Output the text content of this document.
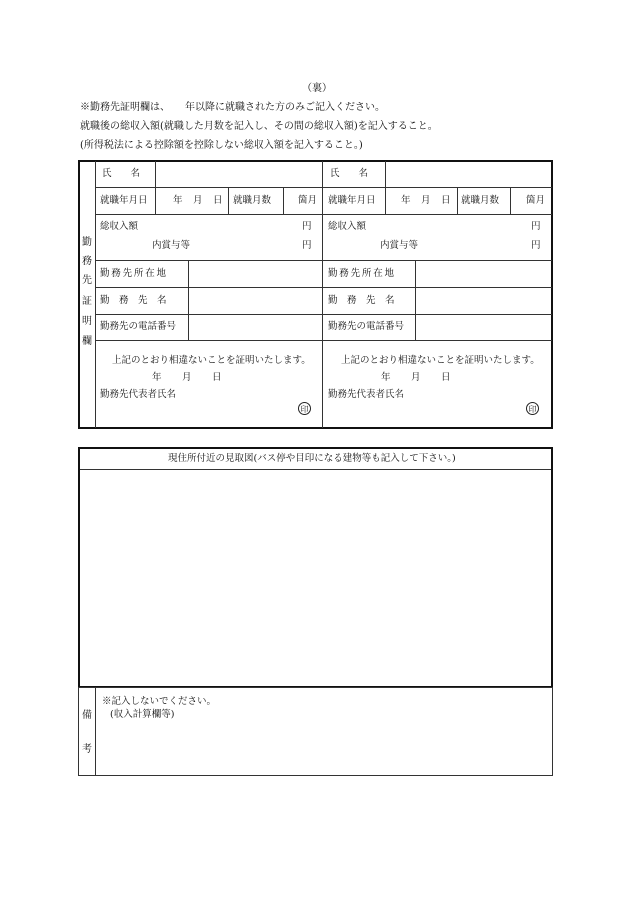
（裏）
※勤務先証明欄は、　　年以降に就職された方のみご記入ください。
就職後の総収入額(就職した月数を記入し、その間の総収入額)を記入すること。
(所得税法による控除額を控除しない総収入額を記入すること。)
勤
務
先
証
明
欄
氏　　名
就職年月日	年 月 日 就職月数	箇月
総収入額	円
内賞与等	円
勤務先所在地
勤　務　先　名
勤務先の電話番号
上記のとおり相違ないことを証明いたします。
年 月 日
勤務先代表者氏名
印
氏　　名
就職年月日	年 月 日 就職月数	箇月
総収入額	円
内賞与等	円
勤務先所在地
勤　務　先　名
勤務先の電話番号
上記のとおり相違ないことを証明いたします。
年 月 日
勤務先代表者氏名
印
現住所付近の見取図(バス停や目印になる建物等も記入して下さい。)
備
考
※記入しないでください。
(収入計算欄等)
